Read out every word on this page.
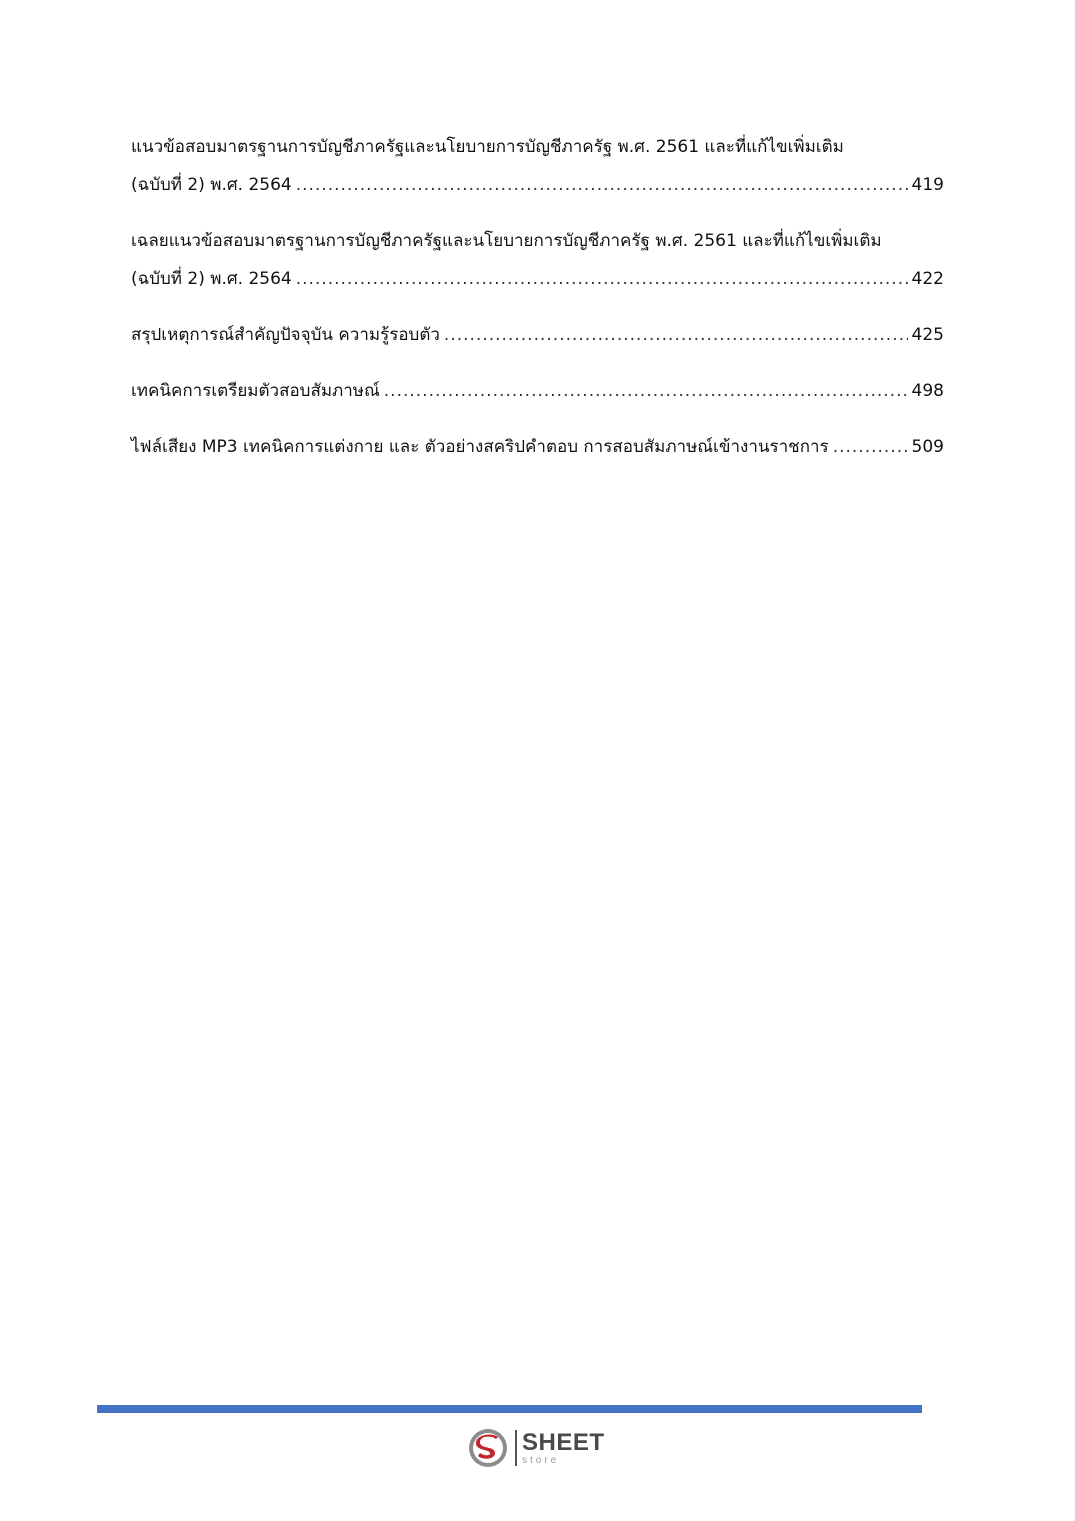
แนวข้อสอบมาตรฐานการบัญชีภาครัฐและนโยบายการบัญชีภาครัฐ พ.ศ. 2561 และที่แก้ไขเพิ่มเติม
(ฉบับที่ 2) พ.ศ. 2564 .....	419
เฉลยแนวข้อสอบมาตรฐานการบัญชีภาครัฐและนโยบายการบัญชีภาครัฐ พ.ศ. 2561 และที่แก้ไขเพิ่มเติม
(ฉบับที่ 2) พ.ศ. 2564 .....	422
สรุปเหตุการณ์สำคัญปัจจุบัน ความรู้รอบตัว .....	425
เทคนิคการเตรียมตัวสอบสัมภาษณ์ .....	498
ไฟล์เสียง MP3 เทคนิคการแต่งกาย และ ตัวอย่างสคริปคำตอบ การสอบสัมภาษณ์เข้างานราชการ .....	509
SHEET
store
